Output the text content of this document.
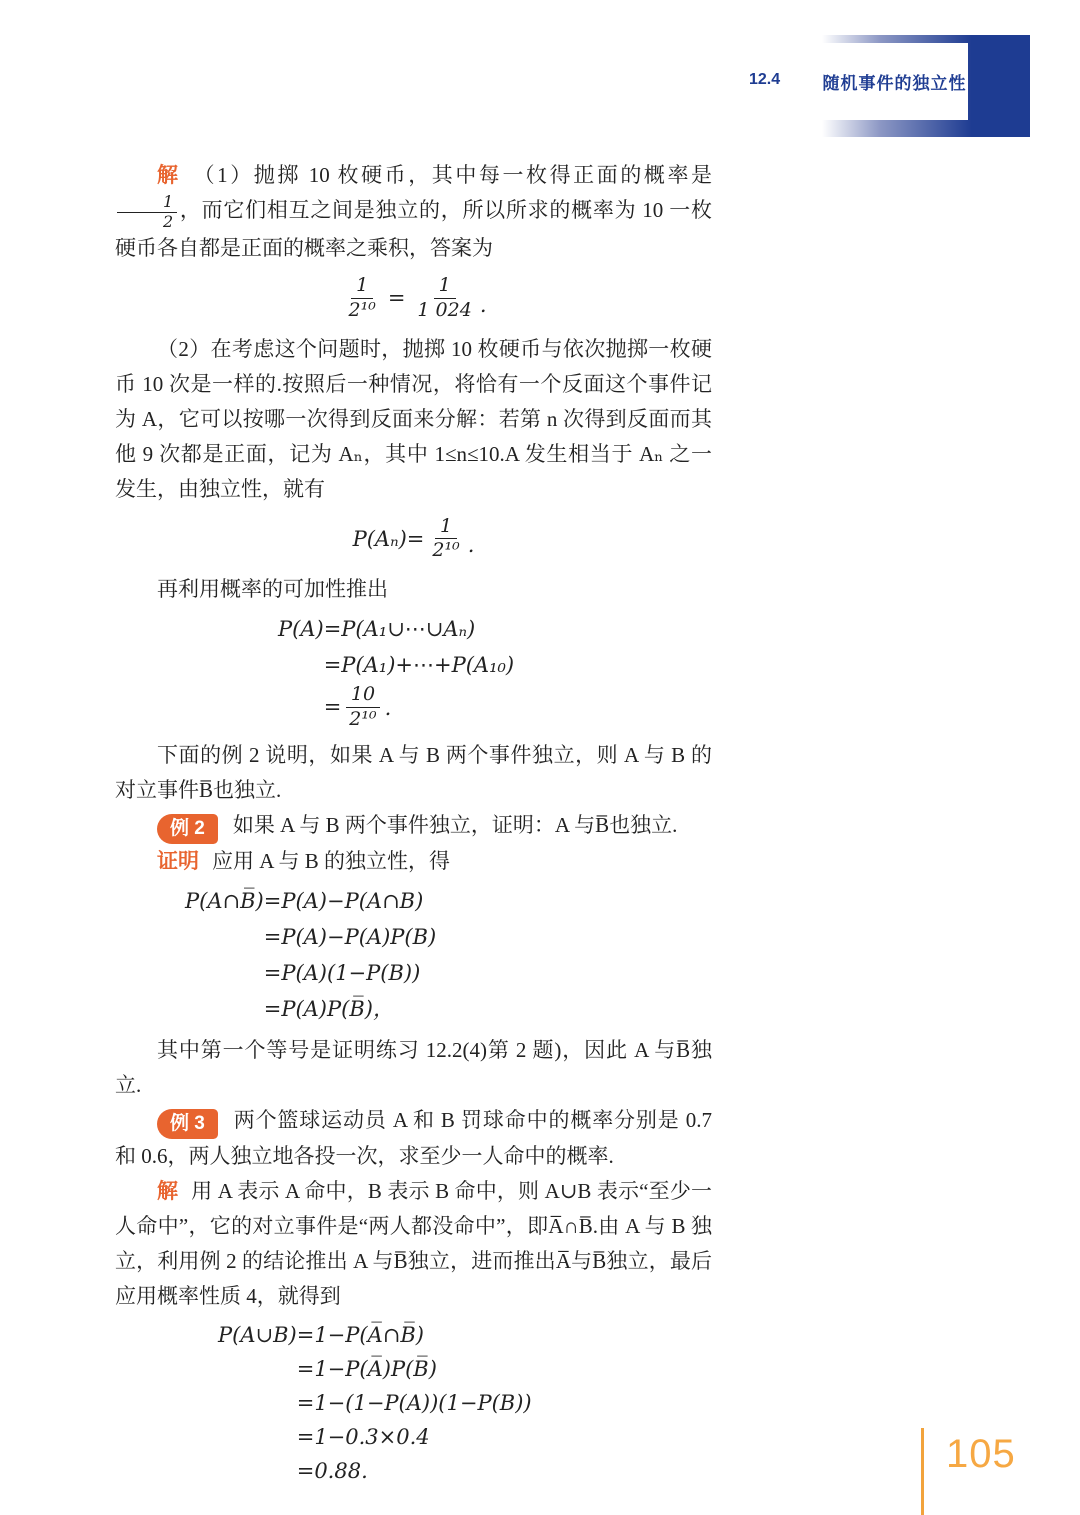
随机事件的独立性
12.4

解 （1）抛掷 10 枚硬币，其中每一枚得正面的概率是
$\frac{1}{2}$ ，而它们相互之间是独立的，所以所求的概率为 10 一枚硬币各自都是正面的概率之乘积，答案为

$\frac{1}{\text{2¹⁰}} = \frac{1}{1 024}$ .

（2）在考虑这个问题时，抛掷 10 枚硬币与依次抛掷一枚硬币 10 次是一样的.按照后一种情况，将恰有一个反面这个事件记为 A，它可以按哪一次得到反面来分解：若第 n 次得到反面而其他 9 次都是正面，记为 Aₙ，其中 1≤n≤10.A 发生相当于 Aₙ 之一发生，由独立性，就有

$P(A_n)= \frac{1}{\text{2¹⁰}}$ .

再利用概率的可加性推出

P(A) =P(A₁∪⋯∪Aₙ)
=P(A₁)+⋯+P(A₁₀)
= $\frac{10}{\text{2¹⁰}}$ .

下面的例 2 说明，如果 A 与 B 两个事件独立，则 A 与 B 的对立事件B̅也独立.

例 2 如果 A 与 B 两个事件独立，证明：A 与B̅也独立.

证明 应用 A 与 B 的独立性，得

P(A∩B̅) =P(A)−P(A∩B)
=P(A)−P(A)P(B)
=P(A)(1−P(B))
=P(A)P(B̅)，

其中第一个等号是证明练习 12.2(4)第 2 题)，因此 A 与B̅独立.

例 3 两个篮球运动员 A 和 B 罚球命中的概率分别是 0.7 和 0.6，两人独立地各投一次，求至少一人命中的概率.

解 用 A 表示 A 命中，B 表示 B 命中，则 A∪B 表示“至少一人命中”，它的对立事件是“两人都没命中”，即A̅∩B̅.由 A 与 B 独立，利用例 2 的结论推出 A 与B̅独立，进而推出A̅与B̅独立，最后应用概率性质 4，就得到

P(A∪B) =1−P(A̅∩B̅)
=1−P(A̅)P(B̅)
=1−(1−P(A))(1−P(B))
=1−0.3×0.4
=0.88.	105
